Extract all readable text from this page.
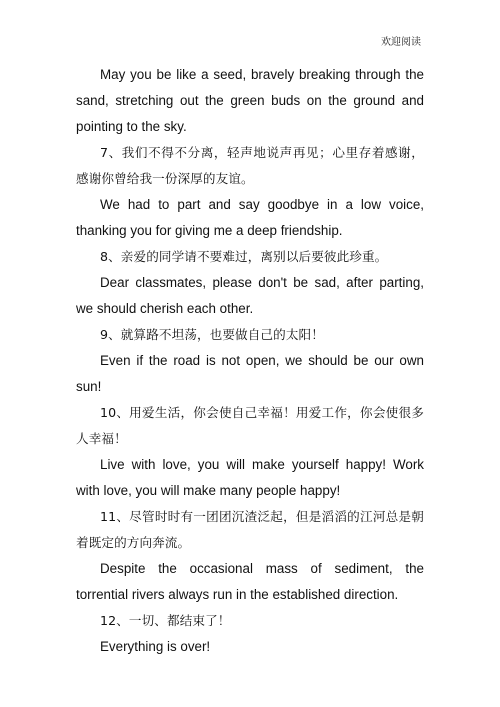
欢迎阅读

May you be like a seed, bravely breaking through the sand, stretching out the green buds on the ground and pointing to the sky.

7、我们不得不分离，轻声地说声再见；心里存着感谢，感谢你曾给我一份深厚的友谊。

We had to part and say goodbye in a low voice, thanking you for giving me a deep friendship.

8、亲爱的同学请不要难过，离别以后要彼此珍重。

Dear classmates, please don't be sad, after parting, we should cherish each other.

9、就算路不坦荡，也要做自己的太阳！

Even if the road is not open, we should be our own sun!

10、用爱生活，你会使自己幸福！用爱工作，你会使很多人幸福！

Live with love, you will make yourself happy! Work with love, you will make many people happy!

11、尽管时时有一团团沉渣泛起，但是滔滔的江河总是朝着既定的方向奔流。

Despite the occasional mass of sediment, the torrential rivers always run in the established direction.

12、一切、都结束了！

Everything is over!
